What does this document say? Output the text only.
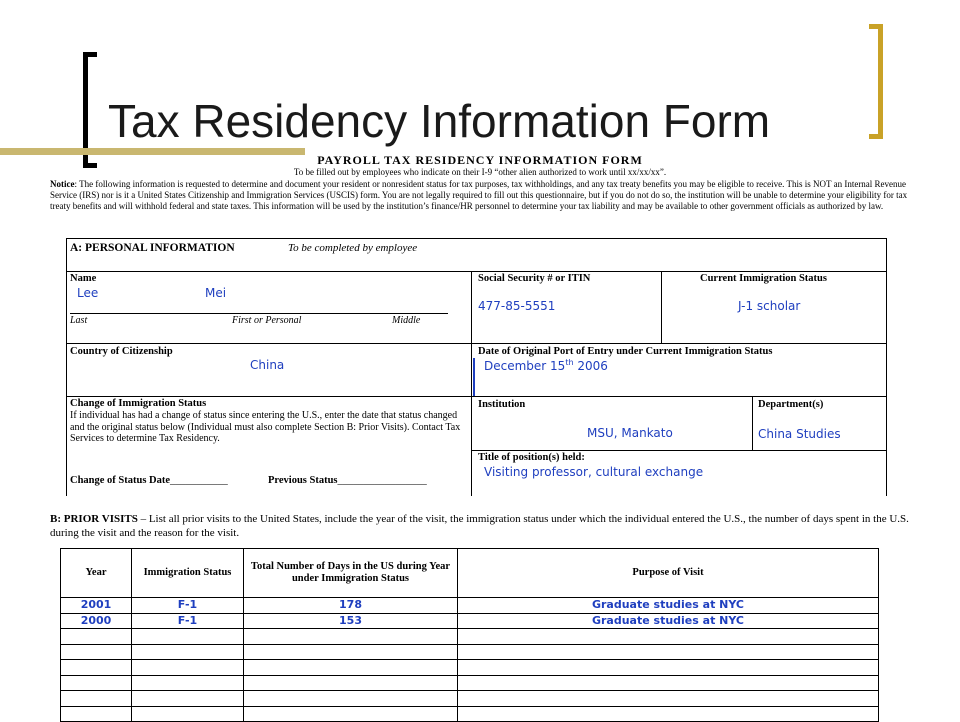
Tax Residency Information Form
PAYROLL TAX RESIDENCY INFORMATION FORM
To be filled out by employees who indicate on their I-9 “other alien authorized to work until xx/xx/xx”.
Notice: The following information is requested to determine and document your resident or nonresident status for tax purposes, tax withholdings, and any tax treaty benefits you may be eligible to receive. This is NOT an Internal Revenue Service (IRS) nor is it a United States Citizenship and Immigration Services (USCIS) form. You are not legally required to fill out this questionnaire, but if you do not do so, the institution will be unable to determine your eligibility for tax treaty benefits and will withhold federal and state taxes. This information will be used by the institution’s finance/HR personnel to determine your tax liability and may be available to other government officials as authorized by law.
A: PERSONAL INFORMATION	To be completed by employee
Name
Lee	Mei
Last	First or Personal	Middle
Social Security # or ITIN
477-85-5551
Current Immigration Status
J-1 scholar
Country of Citizenship
China
Date of Original Port of Entry under Current Immigration Status
December 15th 2006
Change of Immigration Status
If individual has had a change of status since entering the U.S., enter the date that status changed and the original status below (Individual must also complete Section B: Prior Visits). Contact Tax Services to determine Tax Residency.
Change of Status Date___________	Previous Status_________________
Institution
MSU, Mankato
Department(s)
China Studies
Title of position(s) held:
Visiting professor, cultural exchange
B: PRIOR VISITS – List all prior visits to the United States, include the year of the visit, the immigration status under which the individual entered the U.S., the number of days spent in the U.S. during the visit and the reason for the visit.
Year	Immigration Status	Total Number of Days in the US during Year under Immigration Status	Purpose of Visit
2001	F-1	178	Graduate studies at NYC
2000	F-1	153	Graduate studies at NYC
